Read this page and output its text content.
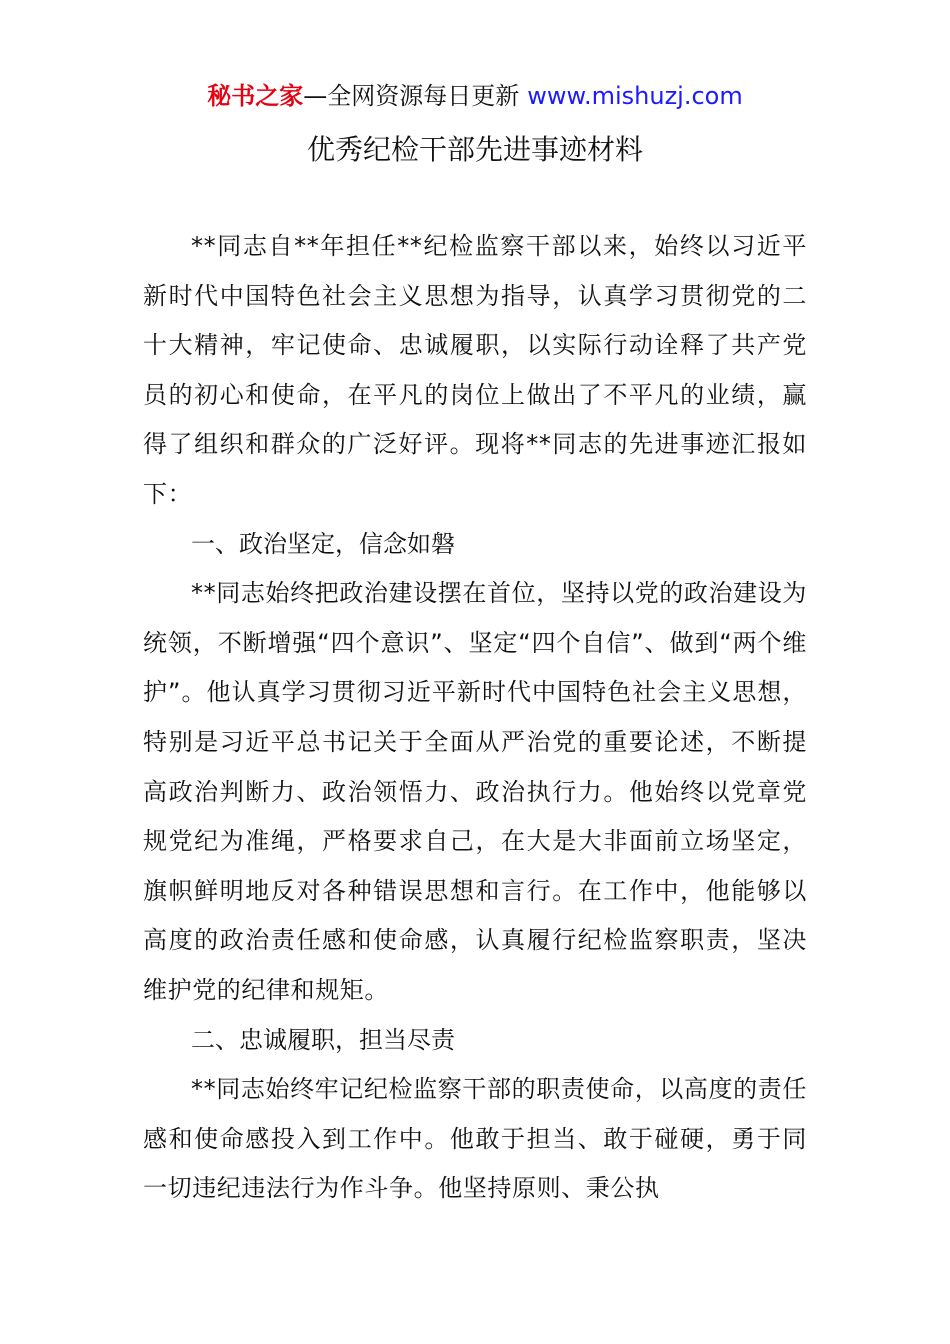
秘书之家—全网资源每日更新 www.mishuzj.com
优秀纪检干部先进事迹材料

**同志自**年担任**纪检监察干部以来，始终以习近平新时代中国特色社会主义思想为指导，认真学习贯彻党的二十大精神，牢记使命、忠诚履职，以实际行动诠释了共产党员的初心和使命，在平凡的岗位上做出了不平凡的业绩，赢得了组织和群众的广泛好评。现将**同志的先进事迹汇报如下：

一、政治坚定，信念如磐

**同志始终把政治建设摆在首位，坚持以党的政治建设为统领，不断增强“四个意识”、坚定“四个自信”、做到“两个维护”。他认真学习贯彻习近平新时代中国特色社会主义思想，特别是习近平总书记关于全面从严治党的重要论述，不断提高政治判断力、政治领悟力、政治执行力。他始终以党章党规党纪为准绳，严格要求自己，在大是大非面前立场坚定，旗帜鲜明地反对各种错误思想和言行。在工作中，他能够以高度的政治责任感和使命感，认真履行纪检监察职责，坚决维护党的纪律和规矩。

二、忠诚履职，担当尽责

**同志始终牢记纪检监察干部的职责使命，以高度的责任感和使命感投入到工作中。他敢于担当、敢于碰硬，勇于同一切违纪违法行为作斗争。他坚持原则、秉公执
